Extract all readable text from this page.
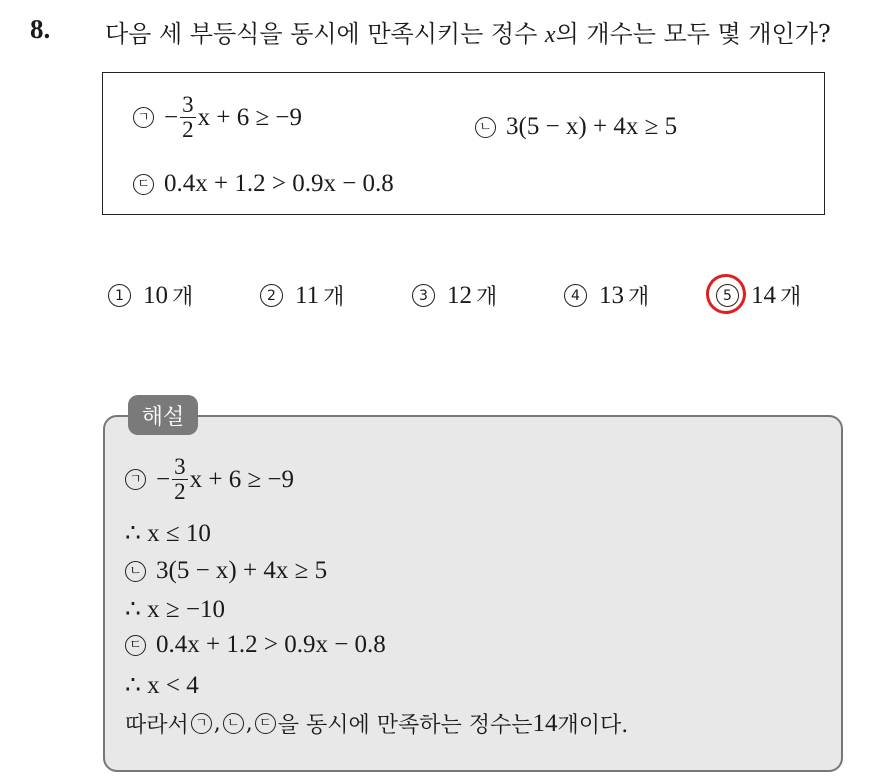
8. 다음 세 부등식을 동시에 만족시키는 정수 x의 개수는 모두 몇 개인가?
ㄱ − $\frac{3}{2}$ x + 6 ≥ −9	ㄴ 3(5 − x) + 4x ≥ 5
ㄷ 0.4x + 1.2 > 0.9x − 0.8
1 10 개	2 11 개	3 12 개	4 13 개	5 14 개
해설
ㄱ − $\frac{3}{2}$ x + 6 ≥ −9
∴ x ≤ 10
ㄴ 3(5 − x) + 4x ≥ 5
∴ x ≥ −10
ㄷ 0.4x + 1.2 > 0.9x − 0.8
∴ x < 4
따라서 ㄱ , ㄴ , ㄷ 을 동시에 만족하는 정수는 14 개이다.
